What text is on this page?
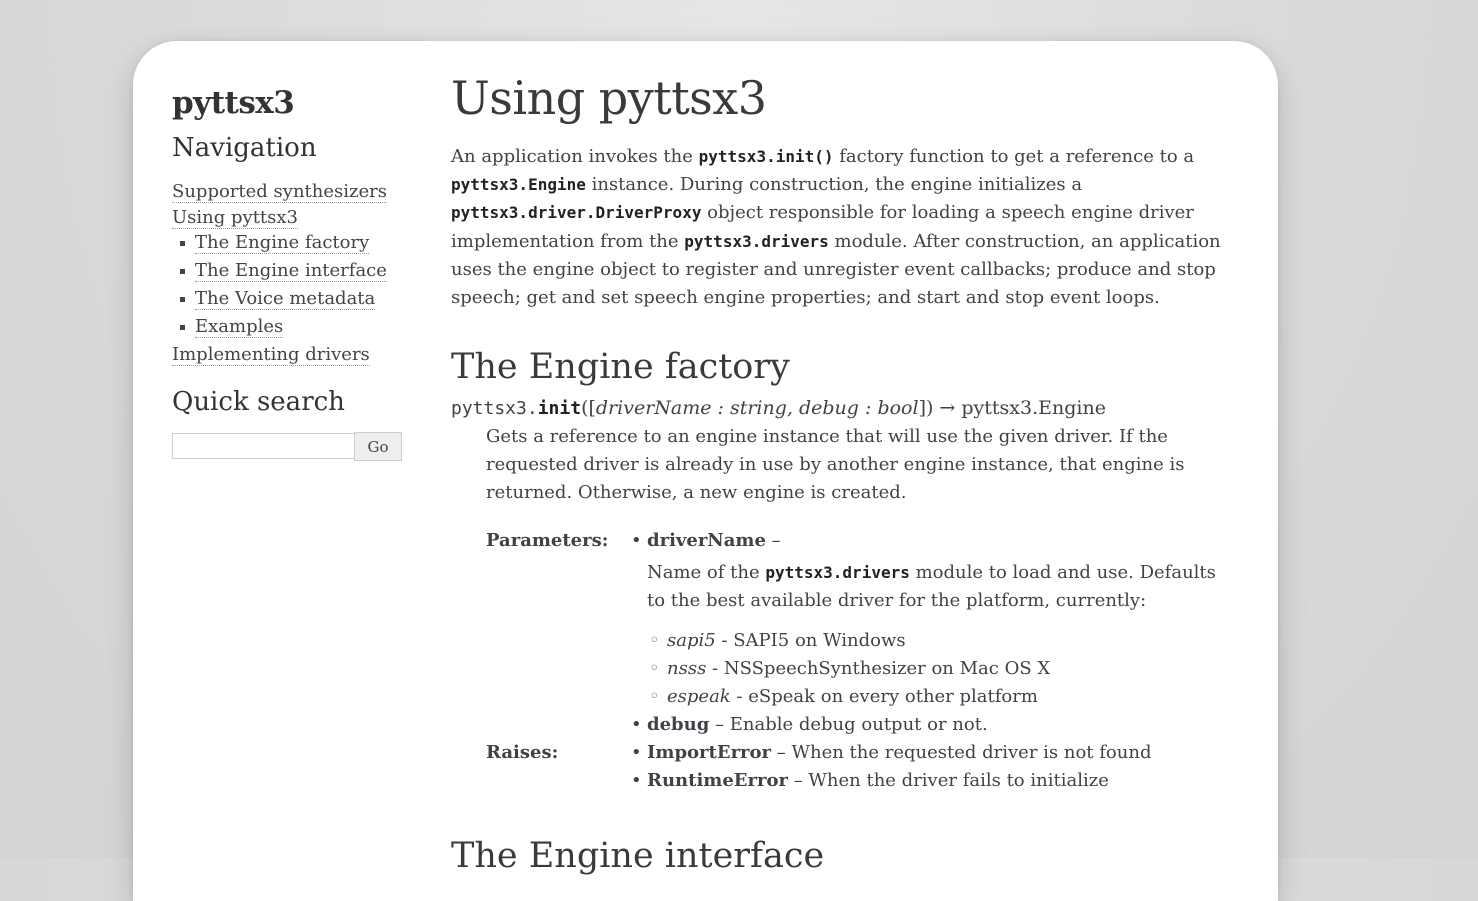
pyttsx3
Navigation
Supported synthesizers
Using pyttsx3
The Engine factory
The Engine interface
The Voice metadata
Examples
Implementing drivers
Quick search
Go
Using pyttsx3

An application invokes the pyttsx3.init() factory function to get a reference to a pyttsx3.Engine instance. During construction, the engine initializes a pyttsx3.driver.DriverProxy object responsible for loading a speech engine driver implementation from the pyttsx3.drivers module. After construction, an application uses the engine object to register and unregister event callbacks; produce and stop speech; get and set speech engine properties; and start and stop event loops.

The Engine factory

pyttsx3.init([driverName : string, debug : bool]) → pyttsx3.Engine

Gets a reference to an engine instance that will use the given driver. If the requested driver is already in use by another engine instance, that engine is returned. Otherwise, a new engine is created.

Parameters:	• driverName –

Name of the pyttsx3.drivers module to load and use. Defaults to the best available driver for the platform, currently:

◦ sapi5 - SAPI5 on Windows
◦ nsss - NSSpeechSynthesizer on Mac OS X
◦ espeak - eSpeak on every other platform
• debug – Enable debug output or not.
Raises:	• ImportError – When the requested driver is not found
• RuntimeError – When the driver fails to initialize
The Engine interface
